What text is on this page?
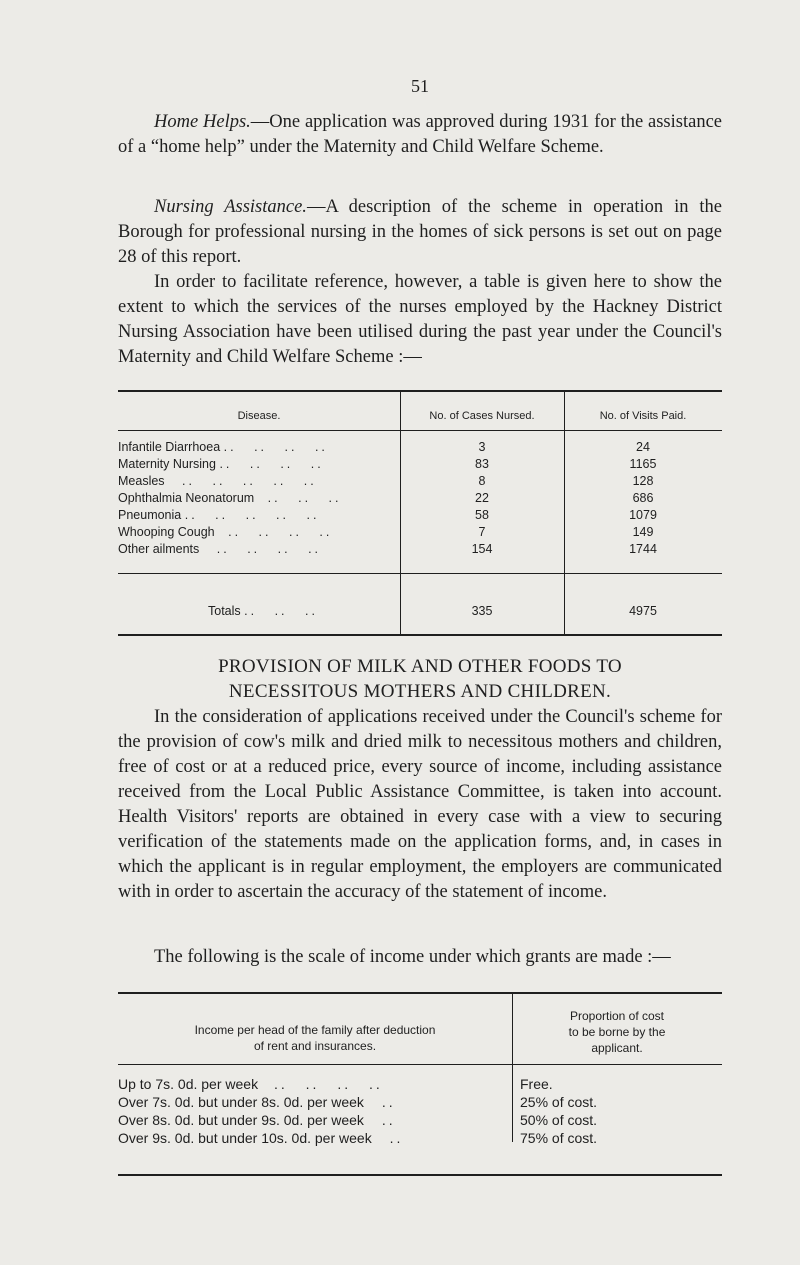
51

Home Helps.—One application was approved during 1931 for the assistance of a “home help” under the Maternity and Child Welfare Scheme.

Nursing Assistance.—A description of the scheme in operation in the Borough for professional nursing in the homes of sick persons is set out on page 28 of this report.

In order to facilitate reference, however, a table is given here to show the extent to which the services of the nurses employed by the Hackney District Nursing Association have been utilised during the past year under the Council's Maternity and Child Welfare Scheme :—

Disease.	No. of Cases Nursed.	No. of Visits Paid.
Infantile Diarrhoea .. .. .. ..	3	24
Maternity Nursing .. .. .. ..	83	1165
Measles .. .. .. .. ..	8	128
Ophthalmia Neonatorum .. .. ..	22	686
Pneumonia .. .. .. .. ..	58	1079
Whooping Cough .. .. .. ..	7	149
Other ailments .. .. .. ..	154	1744
Totals .. .. ..	335	4975
PROVISION OF MILK AND OTHER FOODS TO
NECESSITOUS MOTHERS AND CHILDREN.

In the consideration of applications received under the Council's scheme for the provision of cow's milk and dried milk to necessitous mothers and children, free of cost or at a reduced price, every source of income, including assistance received from the Local Public Assistance Committee, is taken into account. Health Visitors' reports are obtained in every case with a view to securing verification of the statements made on the application forms, and, in cases in which the applicant is in regular employment, the employers are communicated with in order to ascertain the accuracy of the statement of income.

The following is the scale of income under which grants are made :—

Income per head of the family after deduction
of rent and insurances.
Proportion of cost
to be borne by the
applicant.
Up to 7s. 0d. per week .. .. .. ..	Free.
Over 7s. 0d. but under 8s. 0d. per week ..	25% of cost.
Over 8s. 0d. but under 9s. 0d. per week ..	50% of cost.
Over 9s. 0d. but under 10s. 0d. per week ..	75% of cost.
